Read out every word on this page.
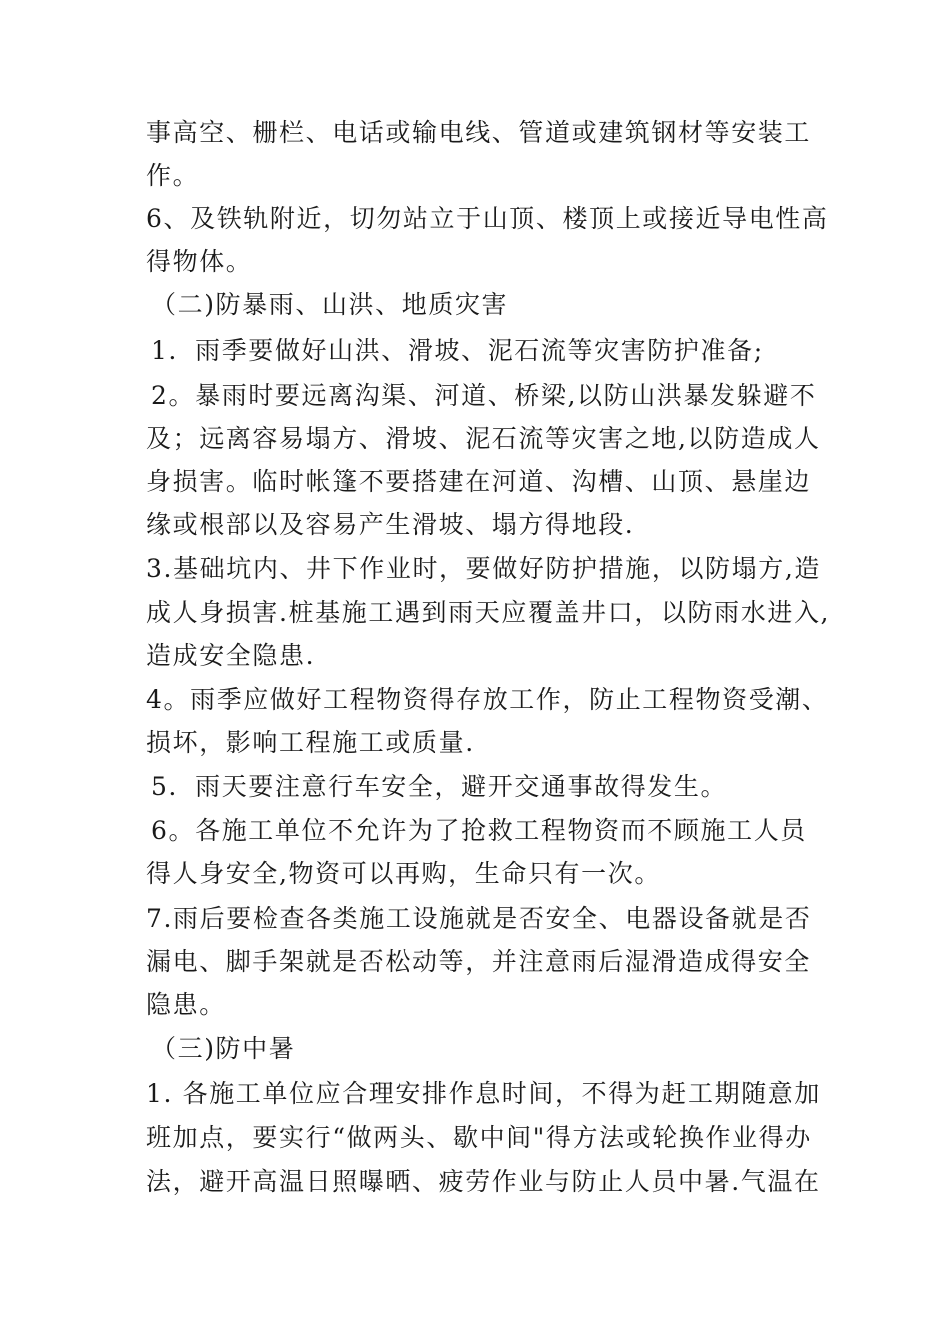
事高空、栅栏、电话或输电线、管道或建筑钢材等安装工
作。
6、及铁轨附近，切勿站立于山顶、楼顶上或接近导电性高
得物体。
（二)防暴雨、山洪、地质灾害
1．雨季要做好山洪、滑坡、泥石流等灾害防护准备;
2。暴雨时要远离沟渠、河道、桥梁,以防山洪暴发躲避不
及；远离容易塌方、滑坡、泥石流等灾害之地,以防造成人
身损害。临时帐篷不要搭建在河道、沟槽、山顶、悬崖边
缘或根部以及容易产生滑坡、塌方得地段.
3.基础坑内、井下作业时，要做好防护措施，以防塌方,造
成人身损害.桩基施工遇到雨天应覆盖井口，以防雨水进入,
造成安全隐患.
4。雨季应做好工程物资得存放工作，防止工程物资受潮、
损坏，影响工程施工或质量.
5．雨天要注意行车安全，避开交通事故得发生。
6。各施工单位不允许为了抢救工程物资而不顾施工人员
得人身安全,物资可以再购，生命只有一次。
7.雨后要检查各类施工设施就是否安全、电器设备就是否
漏电、脚手架就是否松动等，并注意雨后湿滑造成得安全
隐患。
（三)防中暑
1. 各施工单位应合理安排作息时间，不得为赶工期随意加
班加点，要实行“做两头、歇中间"得方法或轮换作业得办
法，避开高温日照曝晒、疲劳作业与防止人员中暑.气温在
